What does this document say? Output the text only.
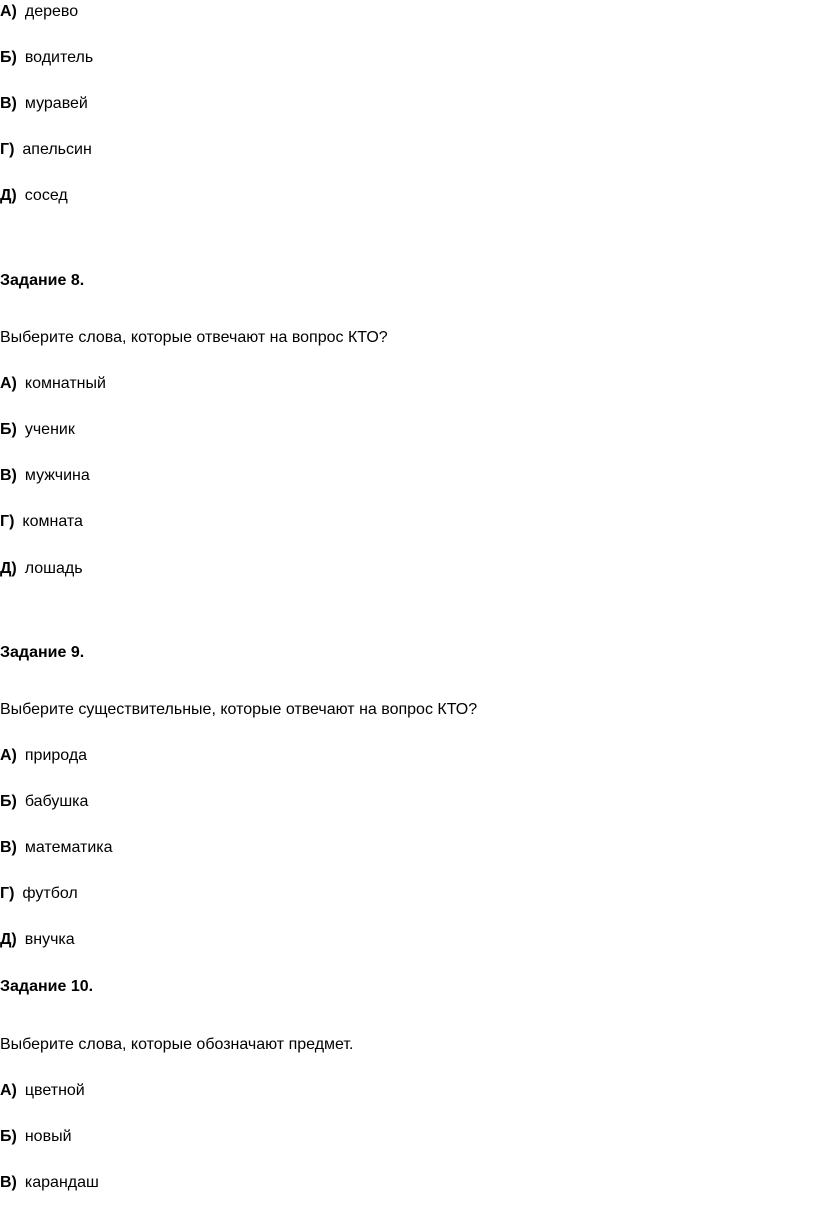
А) дерево
Б) водитель
В) муравей
Г) апельсин
Д) сосед
Задание 8.
Выберите слова, которые отвечают на вопрос КТО?
А) комнатный
Б) ученик
В) мужчина
Г) комната
Д) лошадь
Задание 9.
Выберите существительные, которые отвечают на вопрос КТО?
А) природа
Б) бабушка
В) математика
Г) футбол
Д) внучка
Задание 10.
Выберите слова, которые обозначают предмет.
А) цветной
Б) новый
В) карандаш
